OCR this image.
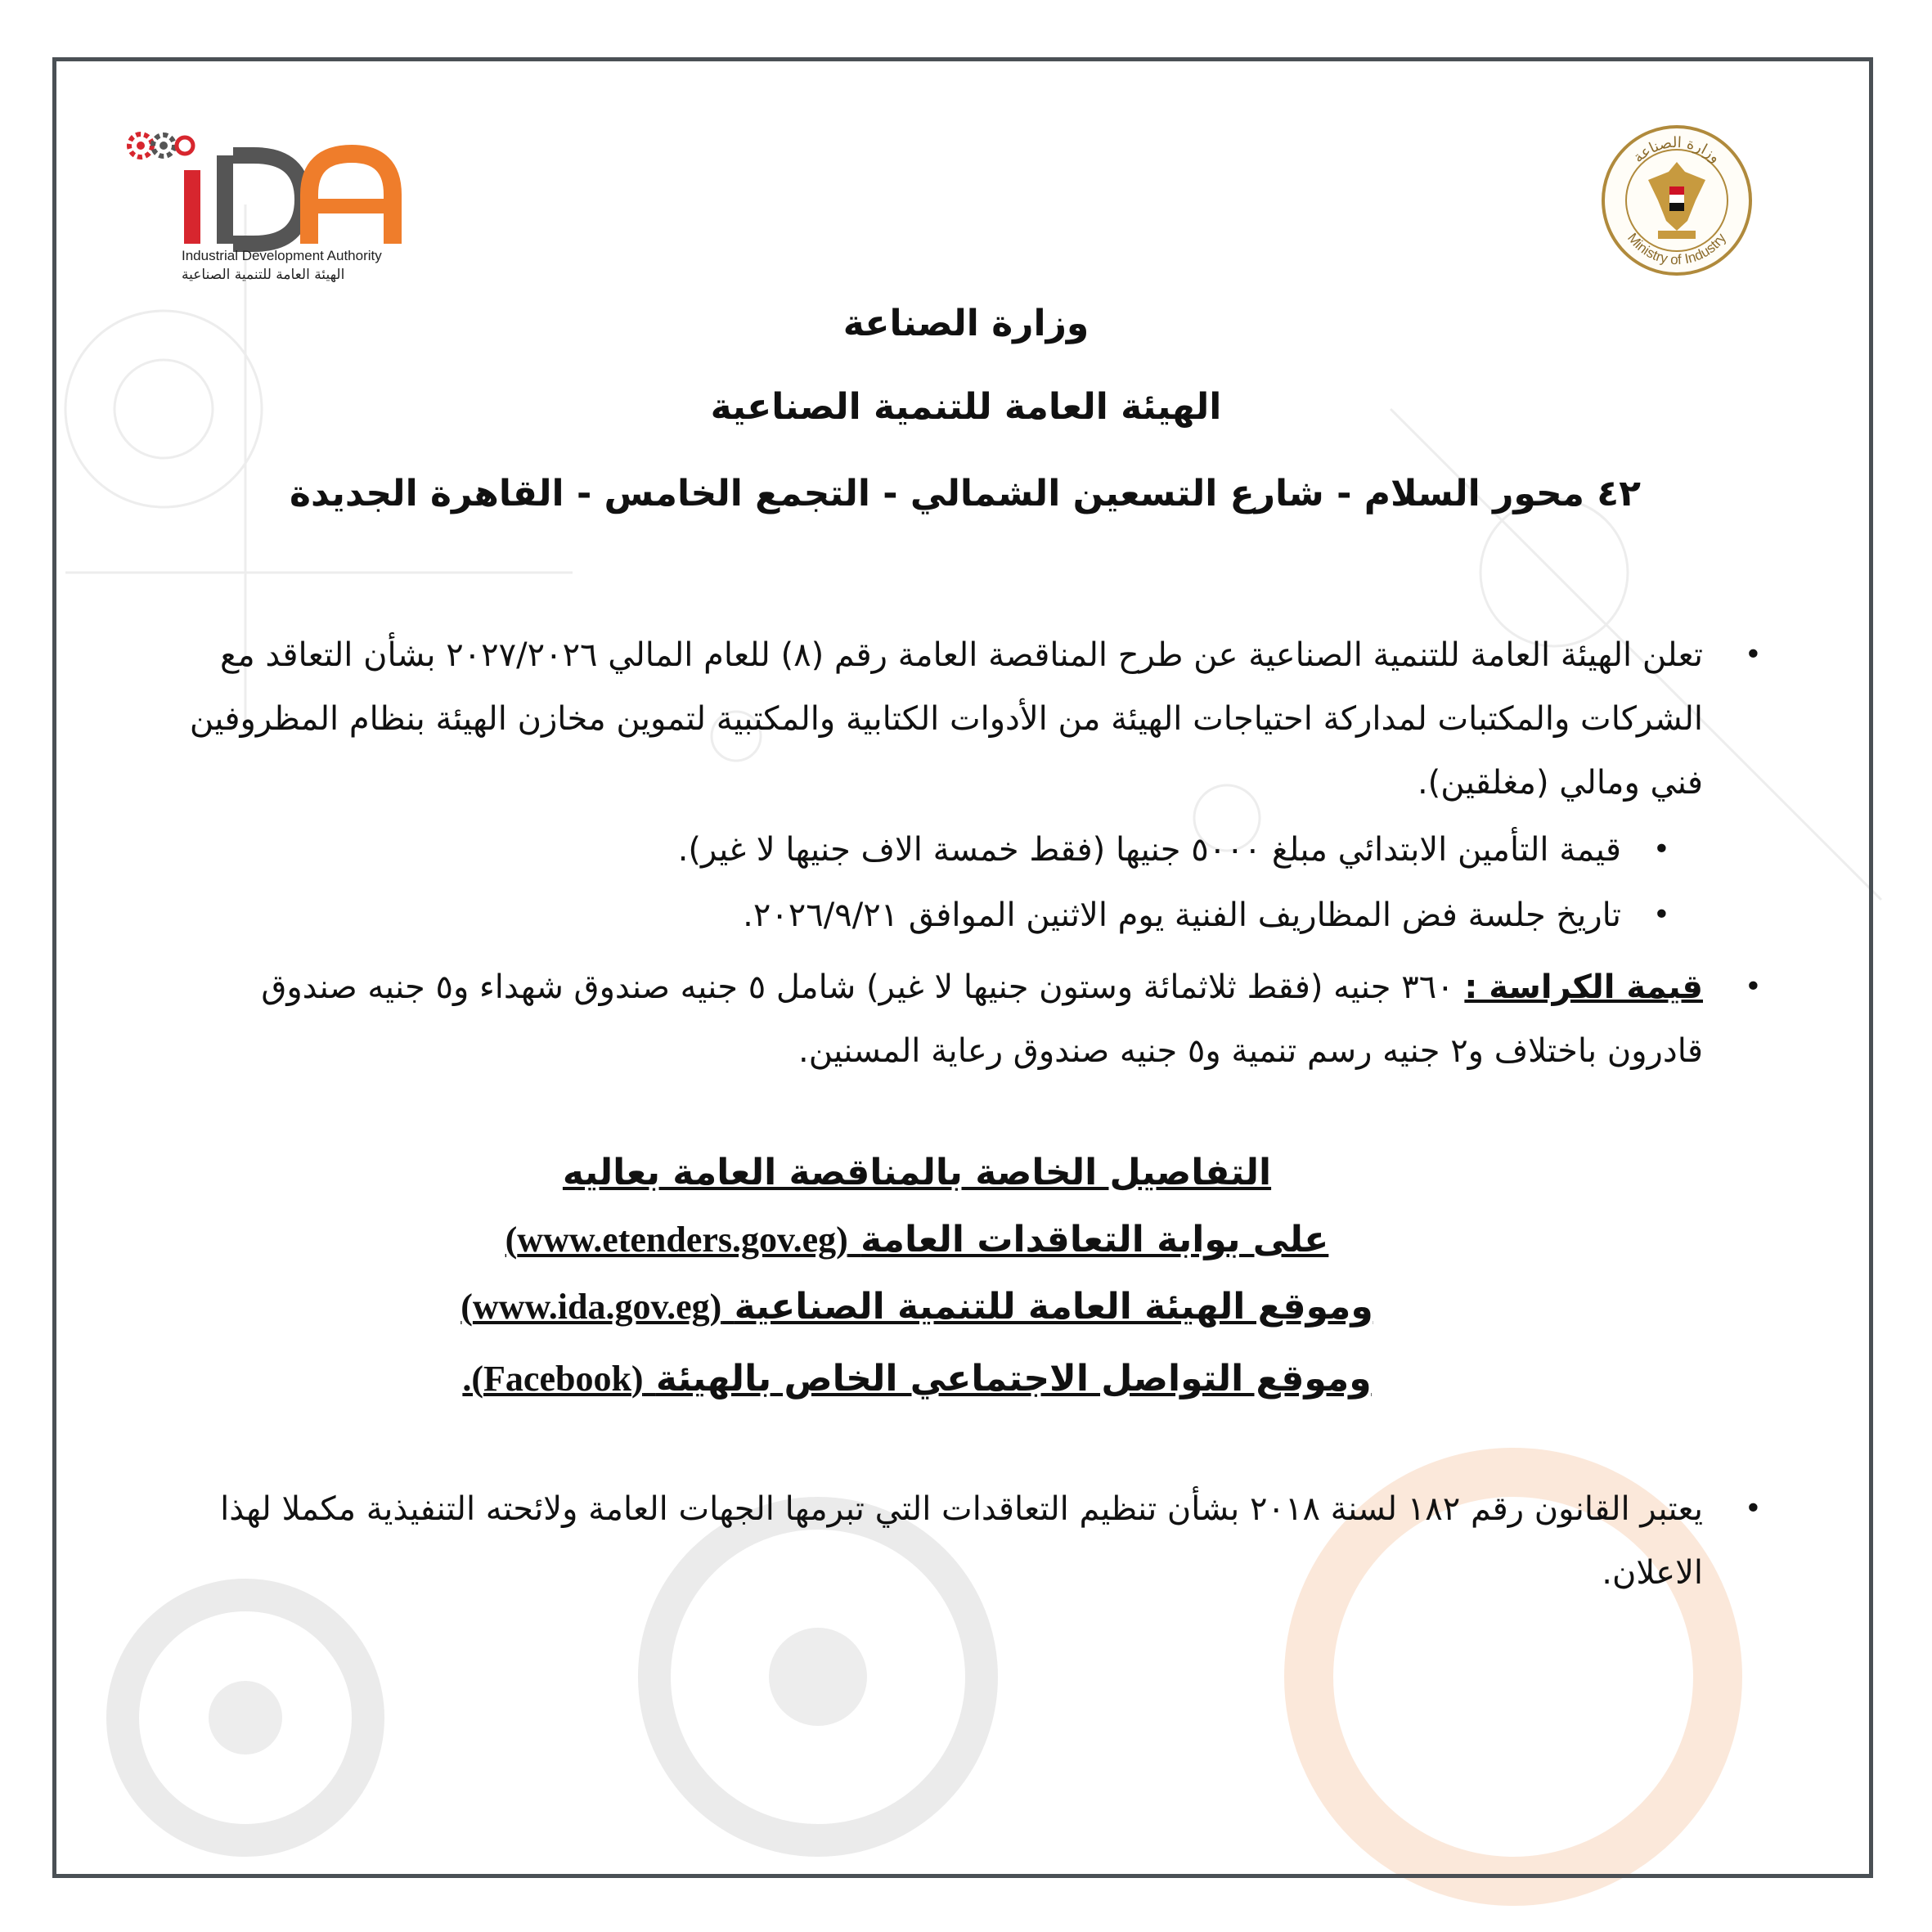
Industrial Development Authority
الهيئة العامة للتنمية الصناعية
وزارة الصناعة
Ministry of Industry
وزارة الصناعة
الهيئة العامة للتنمية الصناعية
٤٢ محور السلام - شارع التسعين الشمالي - التجمع الخامس - القاهرة الجديدة
•
تعلن الهيئة العامة للتنمية الصناعية عن طرح المناقصة العامة رقم (٨) للعام المالي ٢٠٢٧/٢٠٢٦ بشأن التعاقد مع الشركات والمكتبات لمداركة احتياجات الهيئة من الأدوات الكتابية والمكتبية لتموين مخازن الهيئة بنظام المظروفين فني ومالي (مغلقين).
•
قيمة التأمين الابتدائي مبلغ ٥٠٠٠ جنيها (فقط خمسة الاف جنيها لا غير).
•
تاريخ جلسة فض المظاريف الفنية يوم الاثنين الموافق ٢٠٢٦/٩/٢١.
•
قيمة الكراسة : ٣٦٠ جنيه (فقط ثلاثمائة وستون جنيها لا غير) شامل ٥ جنيه صندوق شهداء و٥ جنيه صندوق قادرون باختلاف و٢ جنيه رسم تنمية و٥ جنيه صندوق رعاية المسنين.
التفاصيل الخاصة بالمناقصة العامة بعاليه
على بوابة التعاقدات العامة (www.etenders.gov.eg)
وموقع الهيئة العامة للتنمية الصناعية (www.ida.gov.eg)
وموقع التواصل الاجتماعي الخاص بالهيئة (Facebook).
•
يعتبر القانون رقم ١٨٢ لسنة ٢٠١٨ بشأن تنظيم التعاقدات التي تبرمها الجهات العامة ولائحته التنفيذية مكملا لهذا الاعلان.
